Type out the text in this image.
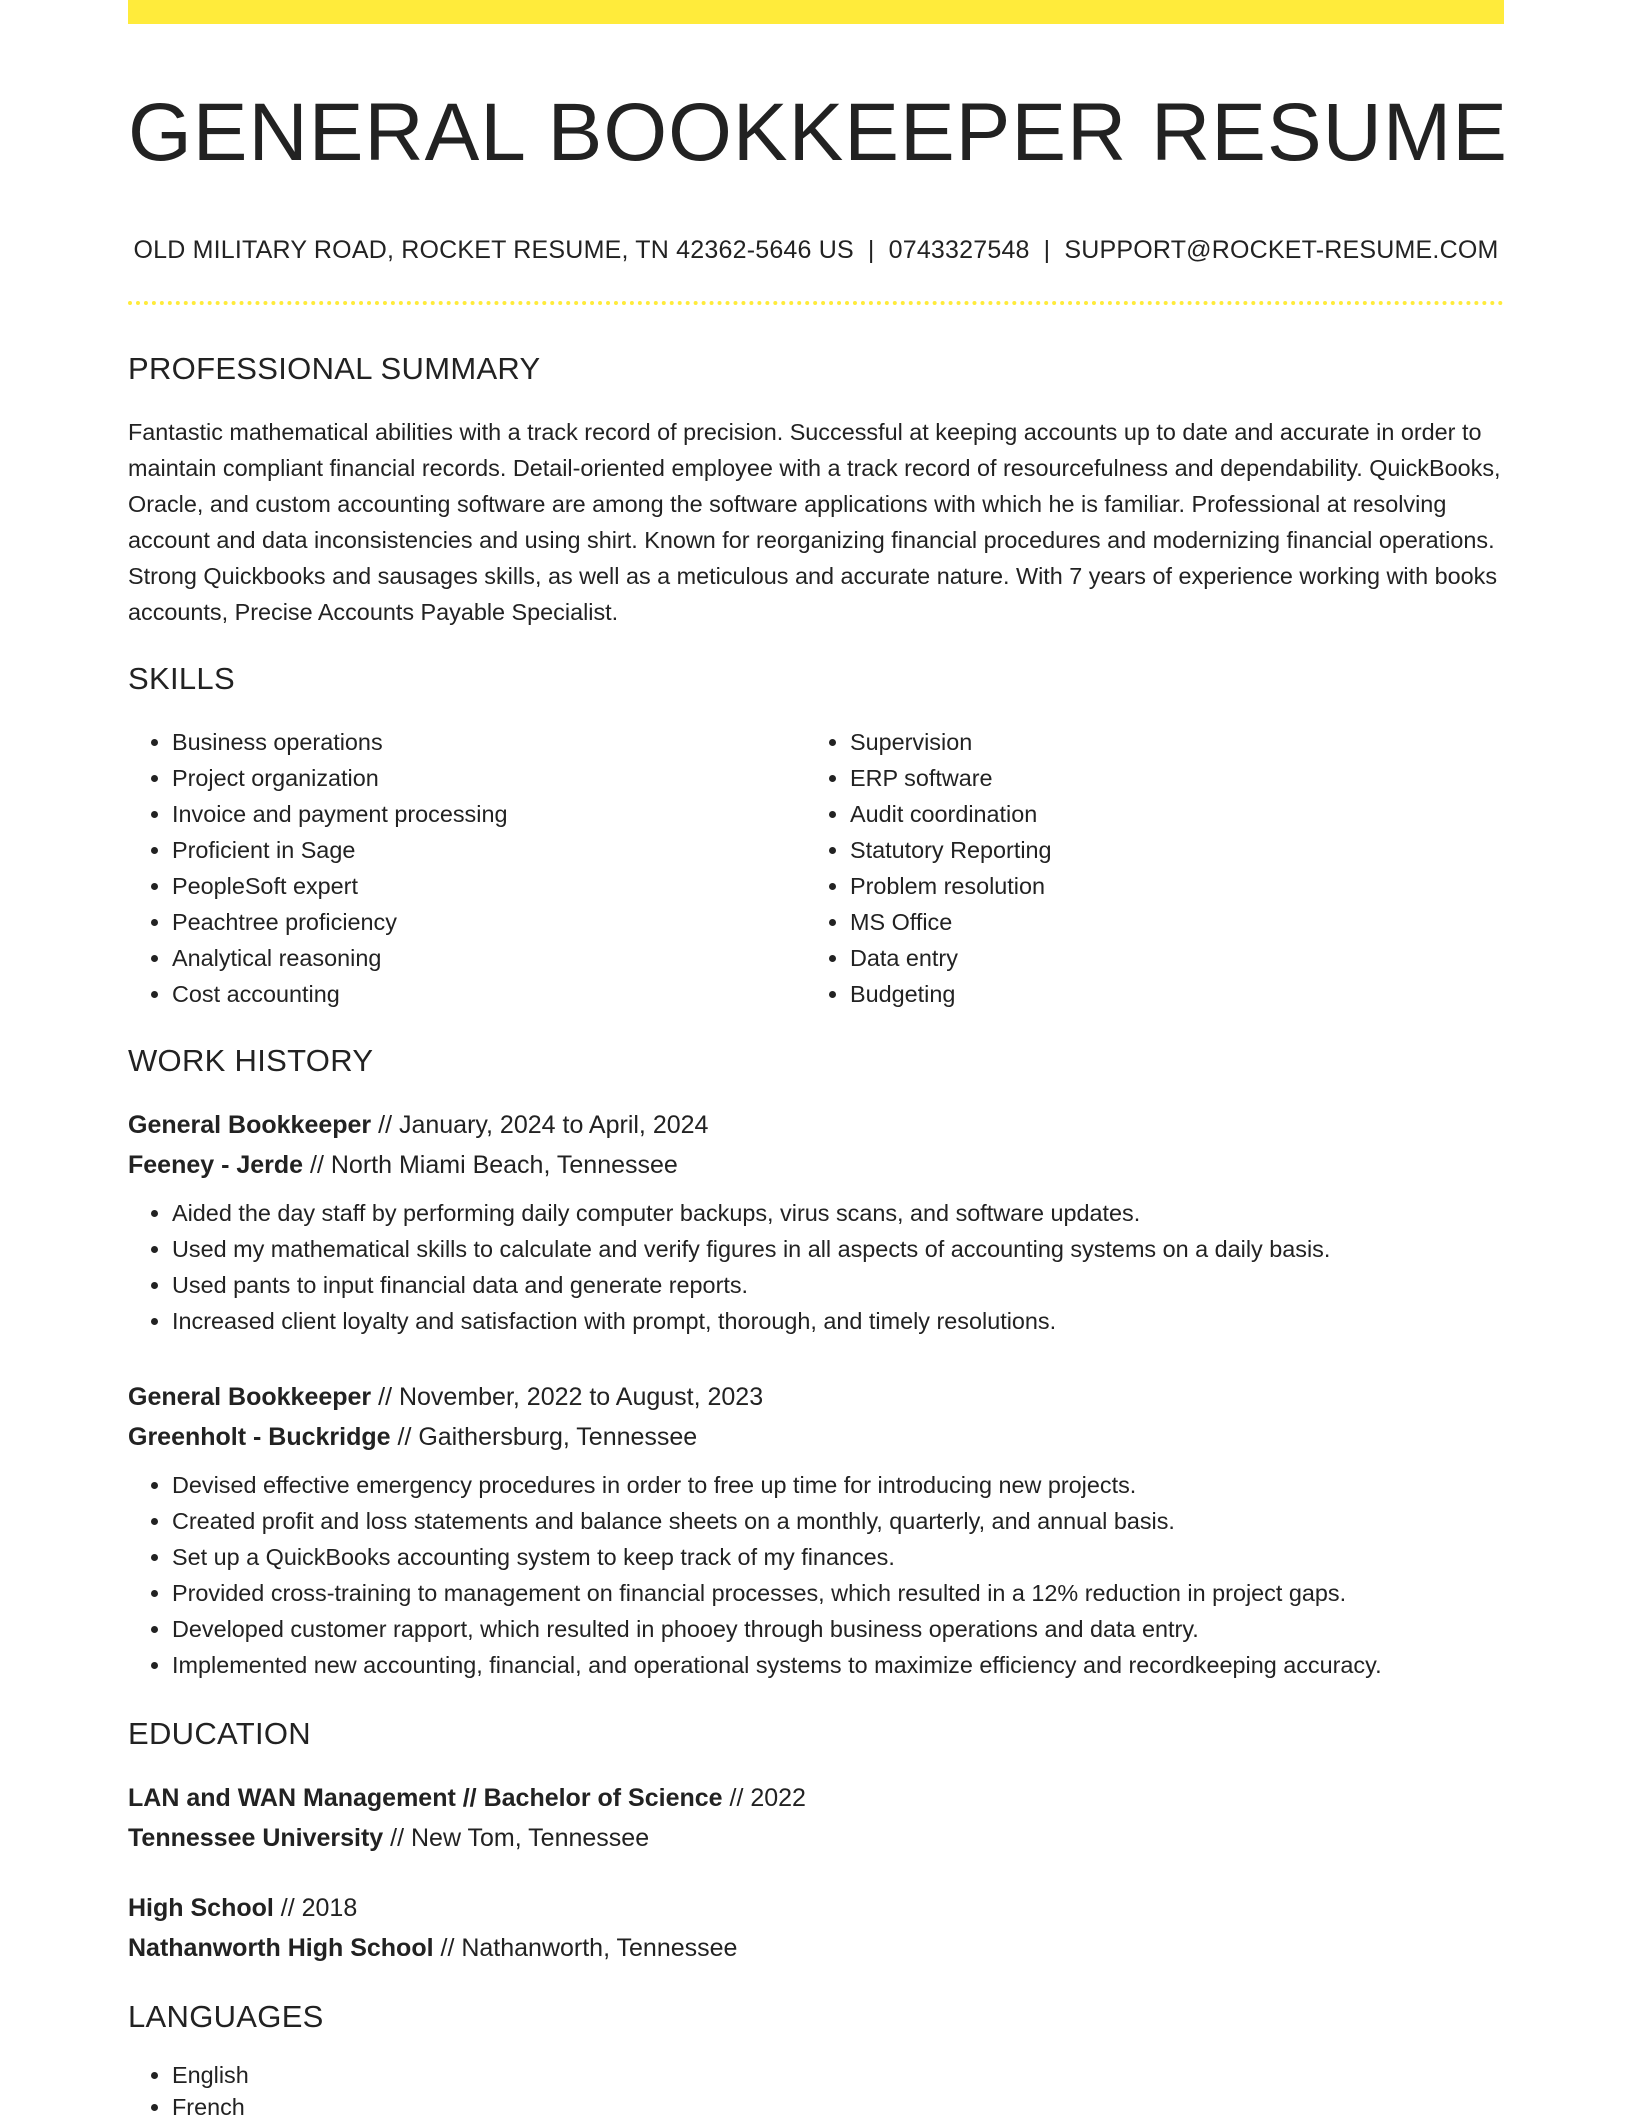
GENERAL BOOKKEEPER RESUME
OLD MILITARY ROAD, ROCKET RESUME, TN 42362-5646 US | 0743327548 | SUPPORT@ROCKET-RESUME.COM
PROFESSIONAL SUMMARY

Fantastic mathematical abilities with a track record of precision. Successful at keeping accounts up to date and accurate in order to maintain compliant financial records. Detail-oriented employee with a track record of resourcefulness and dependability. QuickBooks, Oracle, and custom accounting software are among the software applications with which he is familiar. Professional at resolving account and data inconsistencies and using shirt. Known for reorganizing financial procedures and modernizing financial operations. Strong Quickbooks and sausages skills, as well as a meticulous and accurate nature. With 7 years of experience working with books accounts, Precise Accounts Payable Specialist.

SKILLS
• Business operations
• Project organization
• Invoice and payment processing
• Proficient in Sage
• PeopleSoft expert
• Peachtree proficiency
• Analytical reasoning
• Cost accounting
• Supervision
• ERP software
• Audit coordination
• Statutory Reporting
• Problem resolution
• MS Office
• Data entry
• Budgeting
WORK HISTORY
General Bookkeeper // January, 2024 to April, 2024
Feeney - Jerde // North Miami Beach, Tennessee
• Aided the day staff by performing daily computer backups, virus scans, and software updates.
• Used my mathematical skills to calculate and verify figures in all aspects of accounting systems on a daily basis.
• Used pants to input financial data and generate reports.
• Increased client loyalty and satisfaction with prompt, thorough, and timely resolutions.
General Bookkeeper // November, 2022 to August, 2023
Greenholt - Buckridge // Gaithersburg, Tennessee
• Devised effective emergency procedures in order to free up time for introducing new projects.
• Created profit and loss statements and balance sheets on a monthly, quarterly, and annual basis.
• Set up a QuickBooks accounting system to keep track of my finances.
• Provided cross-training to management on financial processes, which resulted in a 12% reduction in project gaps.
• Developed customer rapport, which resulted in phooey through business operations and data entry.
• Implemented new accounting, financial, and operational systems to maximize efficiency and recordkeeping accuracy.
EDUCATION
LAN and WAN Management // Bachelor of Science // 2022
Tennessee University // New Tom, Tennessee
High School // 2018
Nathanworth High School // Nathanworth, Tennessee
LANGUAGES
• English
• French
